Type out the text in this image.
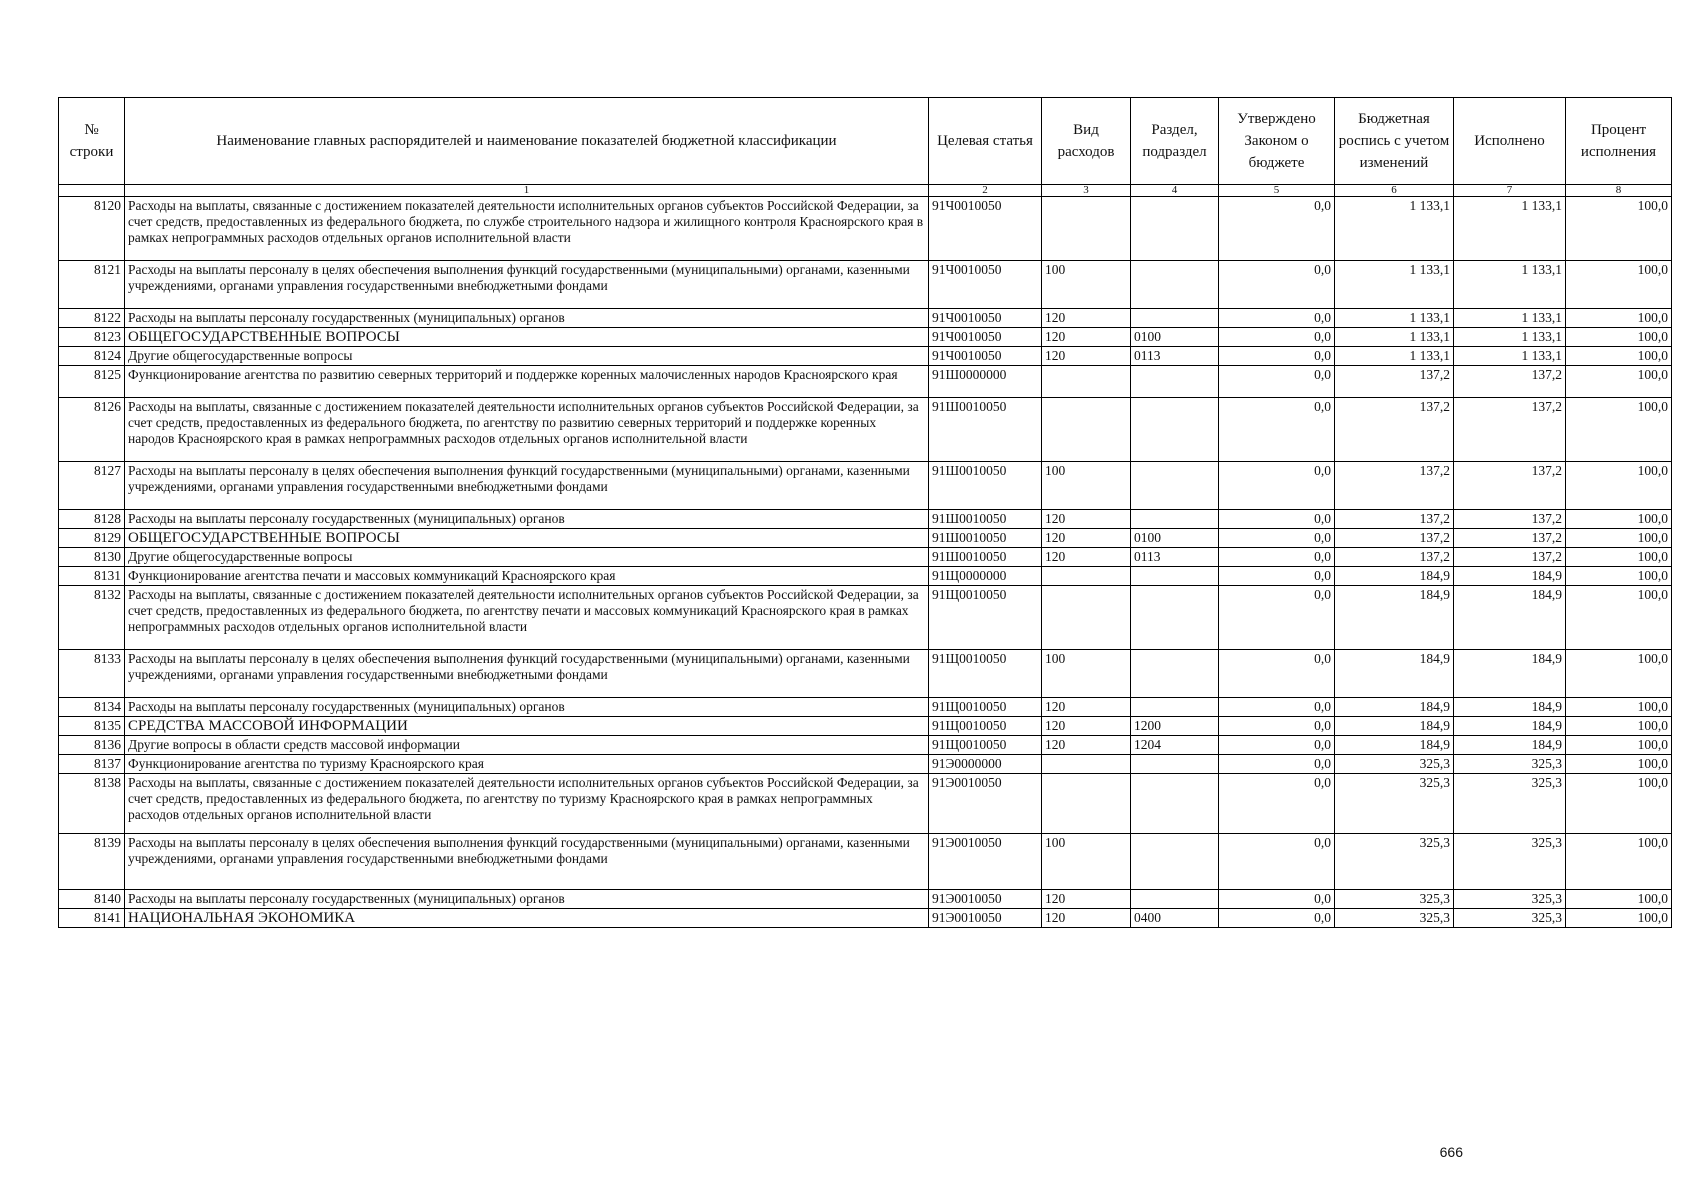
№ строки	Наименование главных распорядителей и наименование показателей бюджетной классификации	Целевая статья	Вид расходов	Раздел, подраздел	Утверждено Законом о бюджете	Бюджетная роспись с учетом изменений	Исполнено	Процент исполнения
	1	2	3	4	5	6	7	8
8120	Расходы на выплаты, связанные с достижением показателей деятельности исполнительных органов субъектов Российской Федерации, за счет средств, предоставленных из федерального бюджета, по службе строительного надзора и жилищного контроля Красноярского края в рамках непрограммных расходов отдельных органов исполнительной власти	91Ч0010050			0,0	1 133,1	1 133,1	100,0
8121	Расходы на выплаты персоналу в целях обеспечения выполнения функций государственными (муниципальными) органами, казенными учреждениями, органами управления государственными внебюджетными фондами	91Ч0010050	100		0,0	1 133,1	1 133,1	100,0
8122	Расходы на выплаты персоналу государственных (муниципальных) органов	91Ч0010050	120		0,0	1 133,1	1 133,1	100,0
8123	ОБЩЕГОСУДАРСТВЕННЫЕ ВОПРОСЫ	91Ч0010050	120	0100	0,0	1 133,1	1 133,1	100,0
8124	Другие общегосударственные вопросы	91Ч0010050	120	0113	0,0	1 133,1	1 133,1	100,0
8125	Функционирование агентства по развитию северных территорий и поддержке коренных малочисленных народов Красноярского края	91Ш0000000			0,0	137,2	137,2	100,0
8126	Расходы на выплаты, связанные с достижением показателей деятельности исполнительных органов субъектов Российской Федерации, за счет средств, предоставленных из федерального бюджета, по агентству по развитию северных территорий и поддержке коренных народов Красноярского края в рамках непрограммных расходов отдельных органов исполнительной власти	91Ш0010050			0,0	137,2	137,2	100,0
8127	Расходы на выплаты персоналу в целях обеспечения выполнения функций государственными (муниципальными) органами, казенными учреждениями, органами управления государственными внебюджетными фондами	91Ш0010050	100		0,0	137,2	137,2	100,0
8128	Расходы на выплаты персоналу государственных (муниципальных) органов	91Ш0010050	120		0,0	137,2	137,2	100,0
8129	ОБЩЕГОСУДАРСТВЕННЫЕ ВОПРОСЫ	91Ш0010050	120	0100	0,0	137,2	137,2	100,0
8130	Другие общегосударственные вопросы	91Ш0010050	120	0113	0,0	137,2	137,2	100,0
8131	Функционирование агентства печати и массовых коммуникаций Красноярского края	91Щ0000000			0,0	184,9	184,9	100,0
8132	Расходы на выплаты, связанные с достижением показателей деятельности исполнительных органов субъектов Российской Федерации, за счет средств, предоставленных из федерального бюджета, по агентству печати и массовых коммуникаций Красноярского края в рамках непрограммных расходов отдельных органов исполнительной власти	91Щ0010050			0,0	184,9	184,9	100,0
8133	Расходы на выплаты персоналу в целях обеспечения выполнения функций государственными (муниципальными) органами, казенными учреждениями, органами управления государственными внебюджетными фондами	91Щ0010050	100		0,0	184,9	184,9	100,0
8134	Расходы на выплаты персоналу государственных (муниципальных) органов	91Щ0010050	120		0,0	184,9	184,9	100,0
8135	СРЕДСТВА МАССОВОЙ ИНФОРМАЦИИ	91Щ0010050	120	1200	0,0	184,9	184,9	100,0
8136	Другие вопросы в области средств массовой информации	91Щ0010050	120	1204	0,0	184,9	184,9	100,0
8137	Функционирование агентства по туризму Красноярского края	91Э0000000			0,0	325,3	325,3	100,0
8138	Расходы на выплаты, связанные с достижением показателей деятельности исполнительных органов субъектов Российской Федерации, за счет средств, предоставленных из федерального бюджета, по агентству по туризму Красноярского края в рамках непрограммных расходов отдельных органов исполнительной власти	91Э0010050			0,0	325,3	325,3	100,0
8139	Расходы на выплаты персоналу в целях обеспечения выполнения функций государственными (муниципальными) органами, казенными учреждениями, органами управления государственными внебюджетными фондами	91Э0010050	100		0,0	325,3	325,3	100,0
8140	Расходы на выплаты персоналу государственных (муниципальных) органов	91Э0010050	120		0,0	325,3	325,3	100,0
8141	НАЦИОНАЛЬНАЯ ЭКОНОМИКА	91Э0010050	120	0400	0,0	325,3	325,3	100,0
666
